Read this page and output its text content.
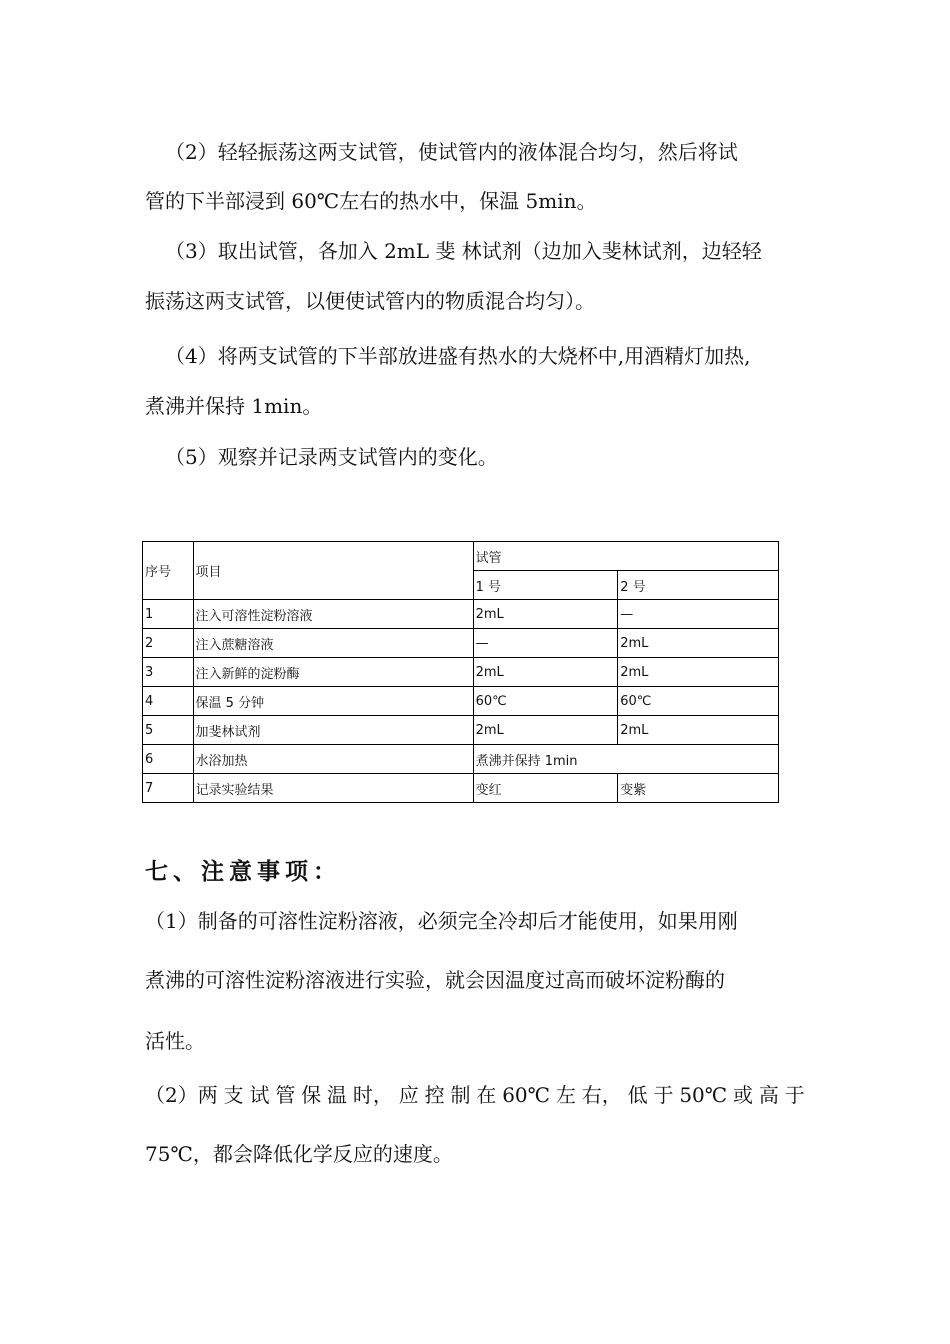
（2）轻轻振荡这两支试管，使试管内的液体混合均匀，然后将试
管的下半部浸到 60℃左右的热水中，保温 5min。
（3）取出试管，各加入 2mL 斐 林试剂（边加入斐林试剂，边轻轻
振荡这两支试管，以便使试管内的物质混合均匀）。
（4）将两支试管的下半部放进盛有热水的大烧杯中,用酒精灯加热,
煮沸并保持 1min。
（5）观察并记录两支试管内的变化。
序号	项目	试管	
		1 号	2 号
1	注入可溶性淀粉溶液	2mL	—
2	注入蔗糖溶液	—	2mL
3	注入新鲜的淀粉酶	2mL	2mL
4	保温 5 分钟	60℃	60℃
5	加斐林试剂	2mL	2mL
6	水浴加热	煮沸并保持 1min	
7	记录实验结果	变红	变紫
七、注意事项：
（1）制备的可溶性淀粉溶液，必须完全冷却后才能使用，如果用刚
煮沸的可溶性淀粉溶液进行实验，就会因温度过高而破坏淀粉酶的
活性。
（2）两 支 试 管 保 温 时， 应 控 制 在 60℃ 左 右， 低 于 50℃ 或 高 于
75℃，都会降低化学反应的速度。
